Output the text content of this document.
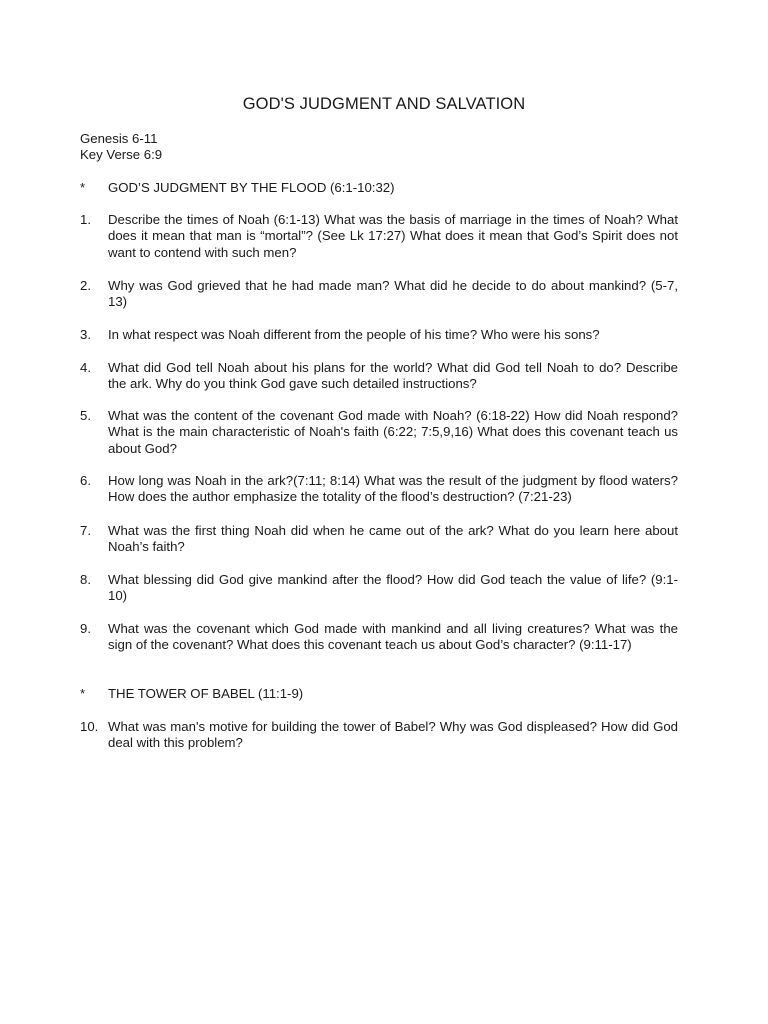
GOD'S JUDGMENT AND SALVATION
Genesis 6-11
Key Verse 6:9
*	GOD’S JUDGMENT BY THE FLOOD (6:1-10:32)
1.	Describe the times of Noah (6:1-13) What was the basis of marriage in the times of Noah? What does it mean that man is “mortal”? (See Lk 17:27) What does it mean that God’s Spirit does not want to contend with such men?
2.	Why was God grieved that he had made man? What did he decide to do about mankind? (5-7, 13)
3.	In what respect was Noah different from the people of his time? Who were his sons?
4.	What did God tell Noah about his plans for the world? What did God tell Noah to do? Describe the ark. Why do you think God gave such detailed instructions?
5.	What was the content of the covenant God made with Noah? (6:18-22) How did Noah respond? What is the main characteristic of Noah's faith (6:22; 7:5,9,16) What does this covenant teach us about God?
6.	How long was Noah in the ark?(7:11; 8:14) What was the result of the judgment by flood waters? How does the author emphasize the totality of the flood’s destruction? (7:21-23)
7.	What was the first thing Noah did when he came out of the ark? What do you learn here about Noah’s faith?
8.	What blessing did God give mankind after the flood? How did God teach the value of life? (9:1-10)
9.	What was the covenant which God made with mankind and all living creatures? What was the sign of the covenant? What does this covenant teach us about God’s character? (9:11-17)
*	THE TOWER OF BABEL (11:1-9)
10. What was man's motive for building the tower of Babel? Why was God displeased? How did God deal with this problem?
